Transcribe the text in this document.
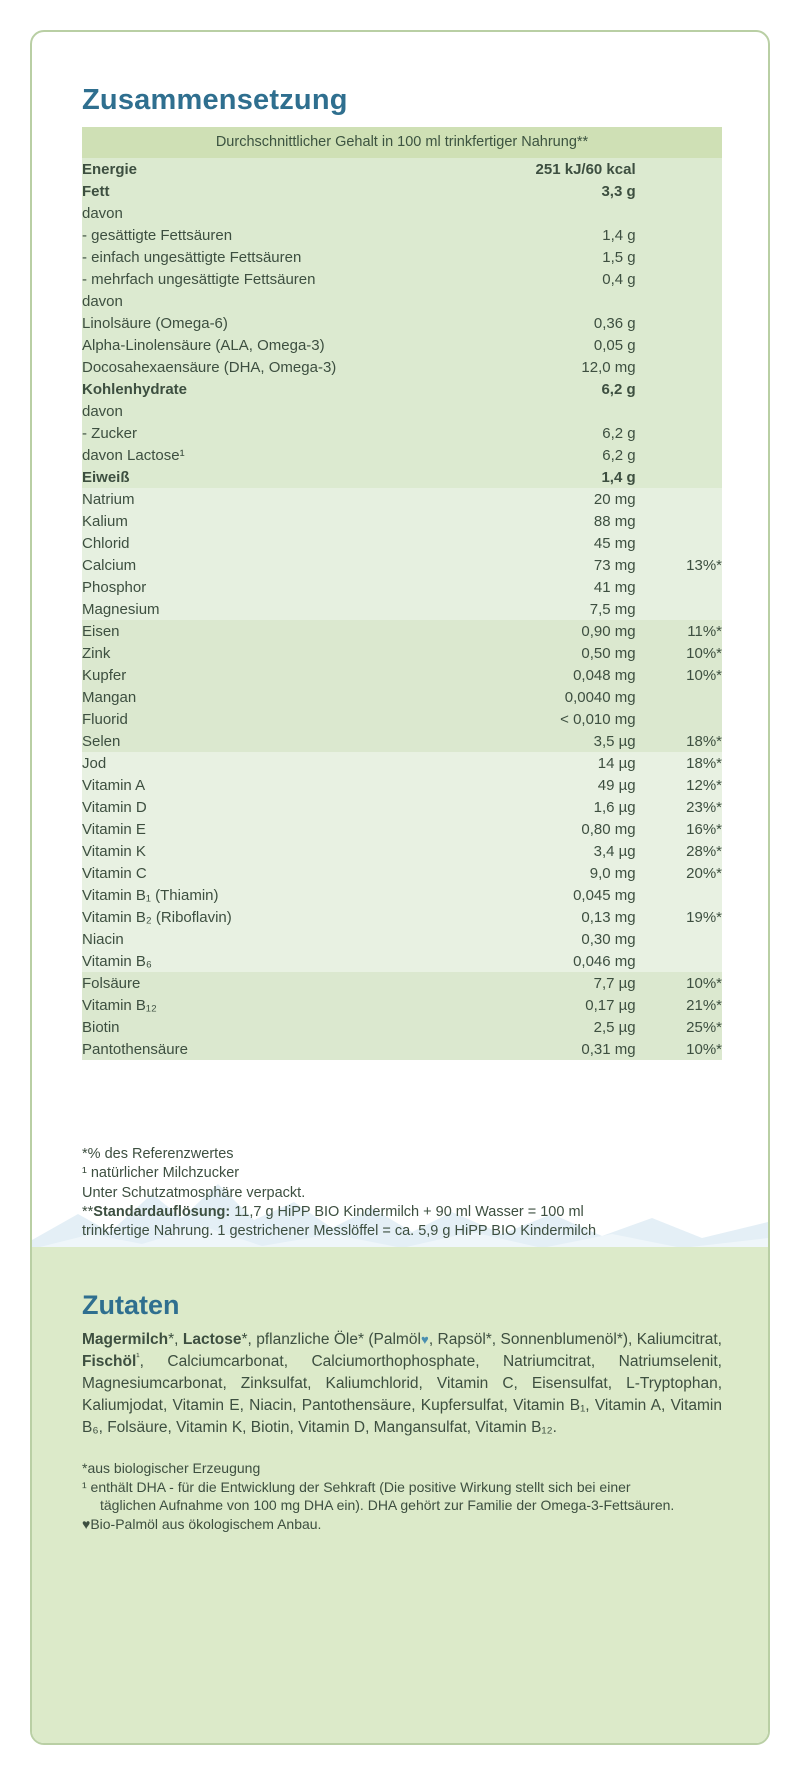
Zusammensetzung
Durchschnittlicher Gehalt in 100 ml trinkfertiger Nahrung**
Energie	251 kJ/60 kcal	
Fett	3,3 g	
davon		
- gesättigte Fettsäuren	1,4 g	
- einfach ungesättigte Fettsäuren	1,5 g	
- mehrfach ungesättigte Fettsäuren	0,4 g	
davon		
Linolsäure (Omega-6)	0,36 g	
Alpha-Linolensäure (ALA, Omega-3)	0,05 g	
Docosahexaensäure (DHA, Omega-3)	12,0 mg	
Kohlenhydrate	6,2 g	
davon		
- Zucker	6,2 g	
davon Lactose¹	6,2 g	
Eiweiß	1,4 g	
Natrium	20 mg	
Kalium	88 mg	
Chlorid	45 mg	
Calcium	73 mg	13%*
Phosphor	41 mg	
Magnesium	7,5 mg	
Eisen	0,90 mg	11%*
Zink	0,50 mg	10%*
Kupfer	0,048 mg	10%*
Mangan	0,0040 mg	
Fluorid	< 0,010 mg	
Selen	3,5 µg	18%*
Jod	14 µg	18%*
Vitamin A	49 µg	12%*
Vitamin D	1,6 µg	23%*
Vitamin E	0,80 mg	16%*
Vitamin K	3,4 µg	28%*
Vitamin C	9,0 mg	20%*
Vitamin B₁ (Thiamin)	0,045 mg	
Vitamin B₂ (Riboflavin)	0,13 mg	19%*
Niacin	0,30 mg	
Vitamin B₆	0,046 mg	
Folsäure	7,7 µg	10%*
Vitamin B₁₂	0,17 µg	21%*
Biotin	2,5 µg	25%*
Pantothensäure	0,31 mg	10%*
*% des Referenzwertes
¹ natürlicher Milchzucker
Unter Schutzatmosphäre verpackt.
**Standardauflösung: 11,7 g HiPP BIO Kindermilch + 90 ml Wasser = 100 ml
trinkfertige Nahrung. 1 gestrichener Messlöffel = ca. 5,9 g HiPP BIO Kindermilch
Zutaten
Magermilch*, Lactose*, pflanzliche Öle* (Palmöl♥, Rapsöl*, Sonnenblumenöl*), Kaliumcitrat, Fischöl$^{^1}$, Calciumcarbonat, Calciumorthophosphate, Natriumcitrat, Natriumselenit, Magnesiumcarbonat, Zinksulfat, Kaliumchlorid, Vitamin C, Eisensulfat, L-Tryptophan, Kaliumjodat, Vitamin E, Niacin, Pantothensäure, Kupfersulfat, Vitamin B₁, Vitamin A, Vitamin B₆, Folsäure, Vitamin K, Biotin, Vitamin D, Mangansulfat, Vitamin B₁₂.
*aus biologischer Erzeugung
¹ enthält DHA - für die Entwicklung der Sehkraft (Die positive Wirkung stellt sich bei einer
täglichen Aufnahme von 100 mg DHA ein). DHA gehört zur Familie der Omega-3-Fettsäuren.
♥Bio-Palmöl aus ökologischem Anbau.
